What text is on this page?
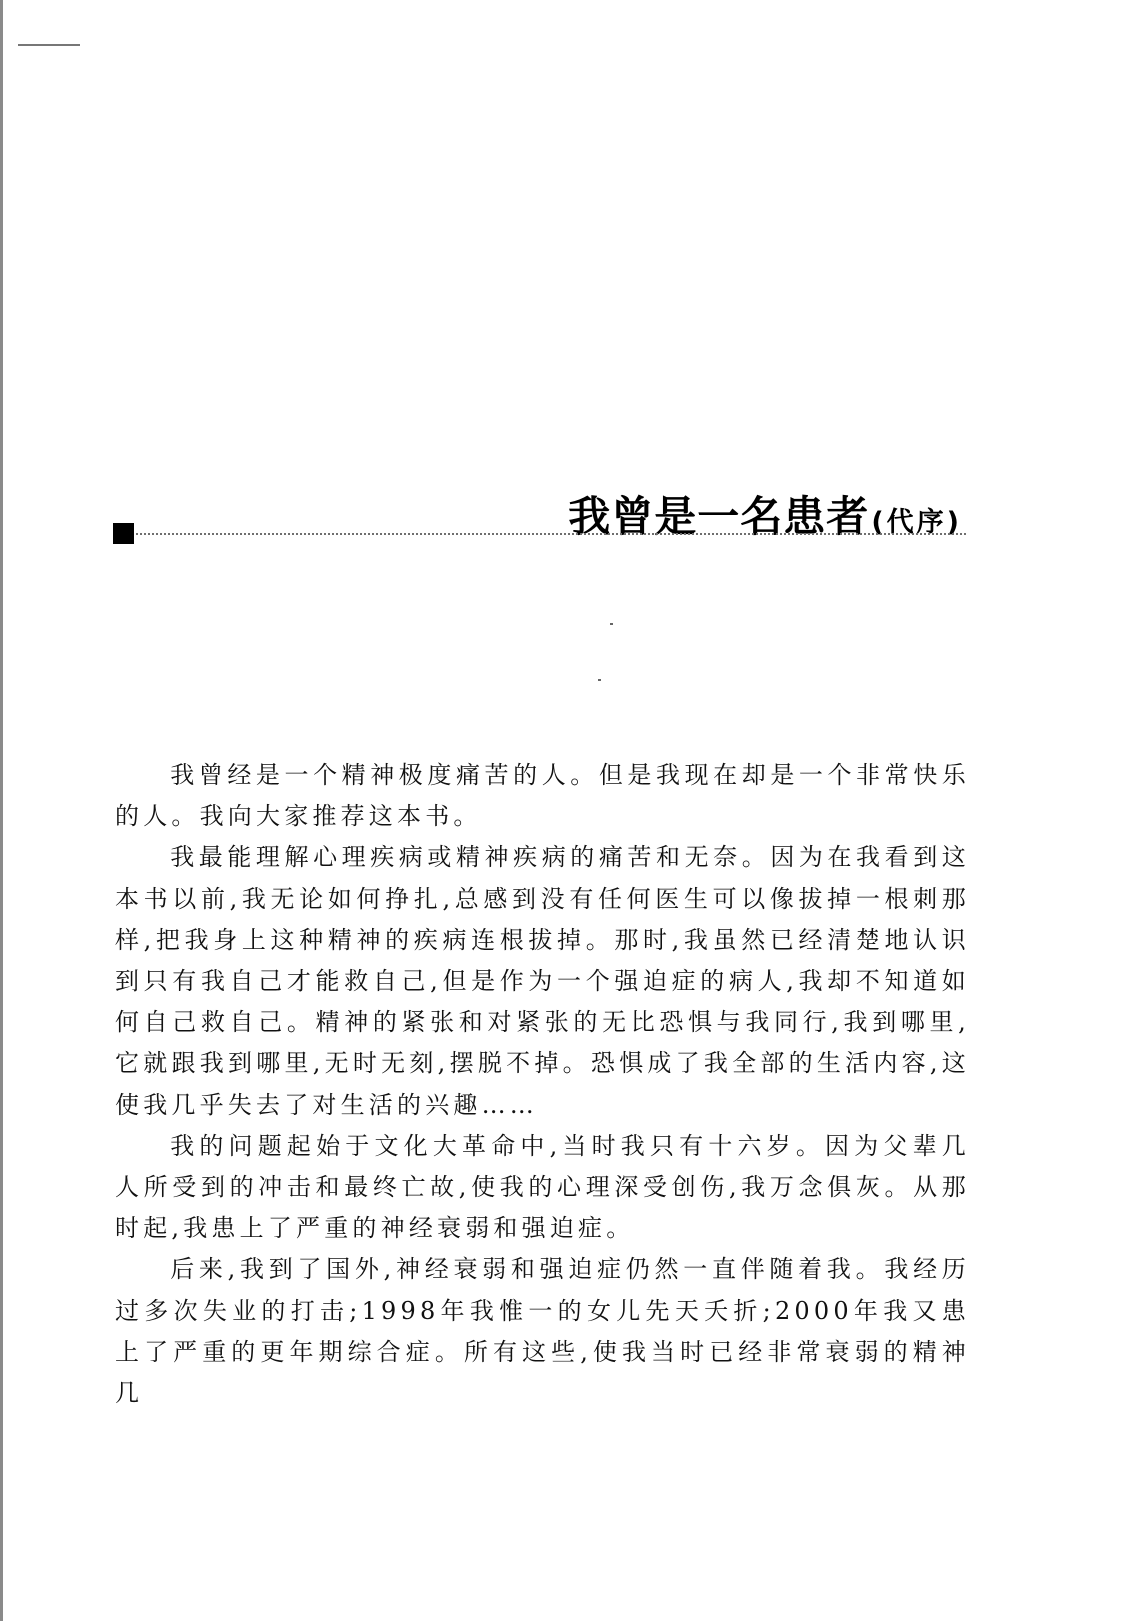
我曾是一名患者 (代序)

我曾经是一个精神极度痛苦的人。但是我现在却是一个非常快乐的人。我向大家推荐这本书。

我最能理解心理疾病或精神疾病的痛苦和无奈。因为在我看到这本书以前,我无论如何挣扎,总感到没有任何医生可以像拔掉一根刺那样,把我身上这种精神的疾病连根拔掉。那时,我虽然已经清楚地认识到只有我自己才能救自己,但是作为一个强迫症的病人,我却不知道如何自己救自己。精神的紧张和对紧张的无比恐惧与我同行,我到哪里,它就跟我到哪里,无时无刻,摆脱不掉。恐惧成了我全部的生活内容,这使我几乎失去了对生活的兴趣……

我的问题起始于文化大革命中,当时我只有十六岁。因为父辈几人所受到的冲击和最终亡故,使我的心理深受创伤,我万念俱灰。从那时起,我患上了严重的神经衰弱和强迫症。

后来,我到了国外,神经衰弱和强迫症仍然一直伴随着我。我经历过多次失业的打击;1998年我惟一的女儿先天夭折;2000年我又患上了严重的更年期综合症。所有这些,使我当时已经非常衰弱的精神几
